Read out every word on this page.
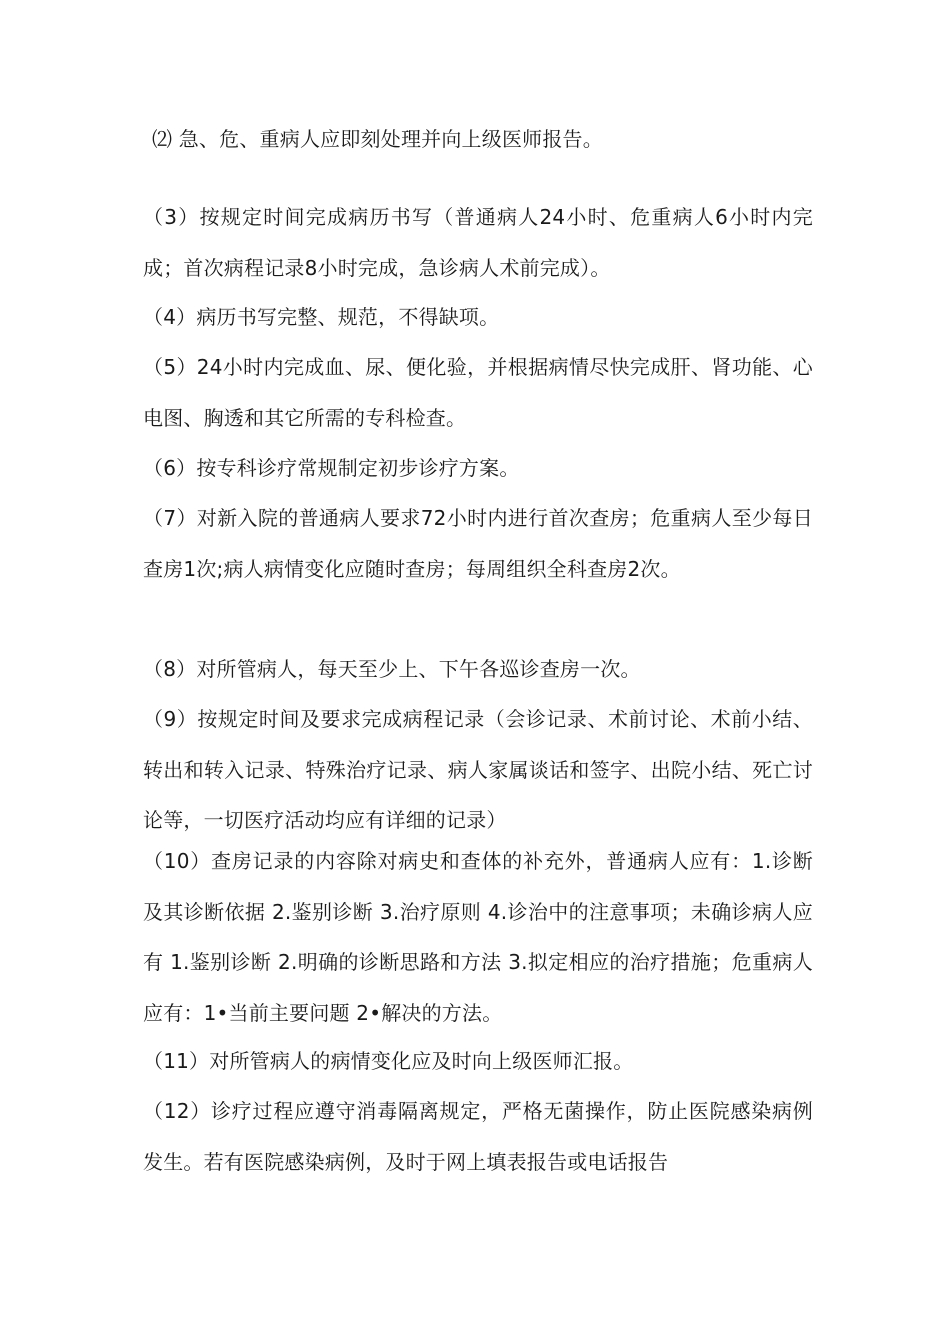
⑵ 急、危、重病人应即刻处理并向上级医师报告。

（3）按规定时间完成病历书写（普通病人24小时、危重病人6小时内完成；首次病程记录8小时完成，急诊病人术前完成）。

（4）病历书写完整、规范，不得缺项。

（5）24小时内完成血、尿、便化验，并根据病情尽快完成肝、肾功能、心电图、胸透和其它所需的专科检查。

（6）按专科诊疗常规制定初步诊疗方案。

（7）对新入院的普通病人要求72小时内进行首次查房；危重病人至少每日查房1次;病人病情变化应随时查房；每周组织全科查房2次。

（8）对所管病人，每天至少上、下午各巡诊查房一次。

（9）按规定时间及要求完成病程记录（会诊记录、术前讨论、术前小结、转出和转入记录、特殊治疗记录、病人家属谈话和签字、出院小结、死亡讨论等，一切医疗活动均应有详细的记录）

（10）查房记录的内容除对病史和查体的补充外，普通病人应有：1.诊断及其诊断依据 2.鉴别诊断 3.治疗原则 4.诊治中的注意事项；未确诊病人应有 1.鉴别诊断 2.明确的诊断思路和方法 3.拟定相应的治疗措施；危重病人应有：1•当前主要问题 2•解决的方法。

（11）对所管病人的病情变化应及时向上级医师汇报。

（12）诊疗过程应遵守消毒隔离规定，严格无菌操作，防止医院感染病例发生。若有医院感染病例，及时于网上填表报告或电话报告
